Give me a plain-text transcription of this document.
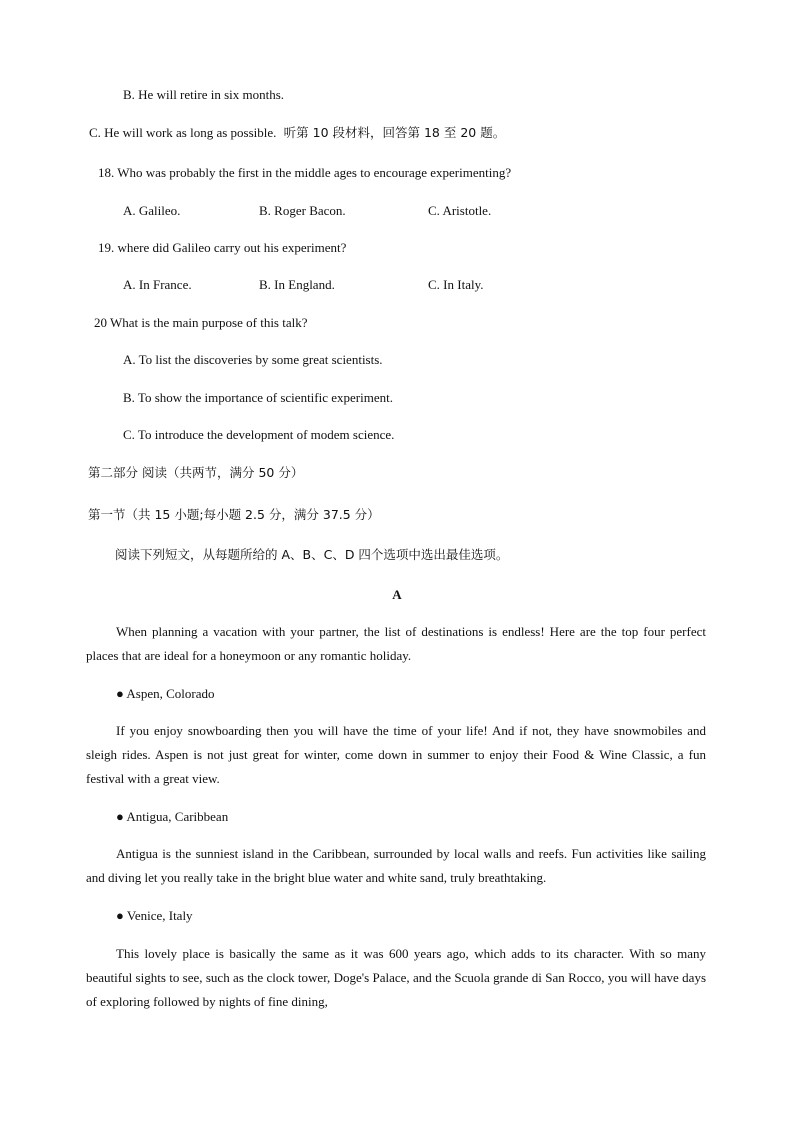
B. He will retire in six months.
C. He will work as long as possible. 听第 10 段材料，回答第 18 至 20 题。
18. Who was probably the first in the middle ages to encourage experimenting?
A. Galileo.	B. Roger Bacon.	C. Aristotle.
19. where did Galileo carry out his experiment?
A. In France.	B. In England.	C. In Italy.
20 What is the main purpose of this talk?
A. To list the discoveries by some great scientists.
B. To show the importance of scientific experiment.
C. To introduce the development of modem science.
第二部分 阅读（共两节，满分 50 分）
第一节（共 15 小题;每小题 2.5 分，满分 37.5 分）
阅读下列短文，从每题所给的 A、B、C、D 四个选项中选出最佳选项。
A
When planning a vacation with your partner, the list of destinations is endless! Here are the top four perfect places that are ideal for a honeymoon or any romantic holiday.
● Aspen, Colorado
If you enjoy snowboarding then you will have the time of your life! And if not, they have snowmobiles and sleigh rides. Aspen is not just great for winter, come down in summer to enjoy their Food & Wine Classic, a fun festival with a great view.
● Antigua, Caribbean
Antigua is the sunniest island in the Caribbean, surrounded by local walls and reefs. Fun activities like sailing and diving let you really take in the bright blue water and white sand, truly breathtaking.
● Venice, Italy
This lovely place is basically the same as it was 600 years ago, which adds to its character. With so many beautiful sights to see, such as the clock tower, Doge's Palace, and the Scuola grande di San Rocco, you will have days of exploring followed by nights of fine dining,
